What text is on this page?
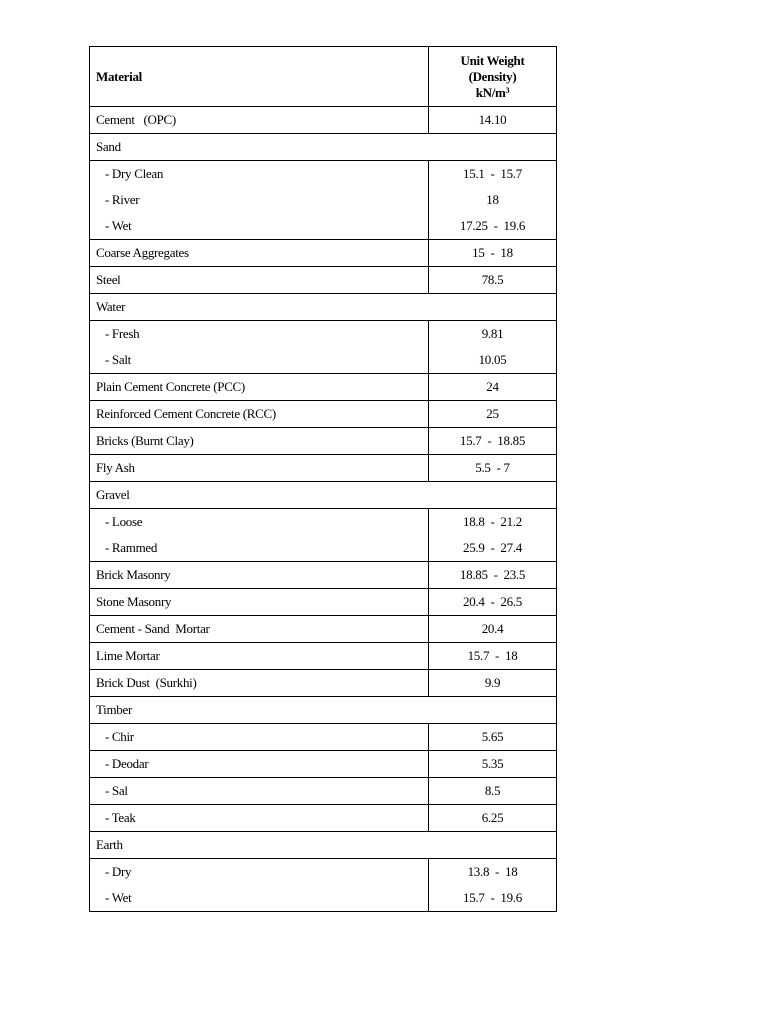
Material	Unit Weight
(Density)
$kN/m^3$
Cement   (OPC)	14.10
Sand	
- Dry Clean	15.1  -  15.7
- River	18
- Wet	17.25  -  19.6
Coarse Aggregates	15  -  18
Steel	78.5
Water	
- Fresh	9.81
- Salt	10.05
Plain Cement Concrete (PCC)	24
Reinforced Cement Concrete (RCC)	25
Bricks (Burnt Clay)	15.7  -  18.85
Fly Ash	5.5  - 7
Gravel	
- Loose	18.8  -  21.2
- Rammed	25.9  -  27.4
Brick Masonry	18.85  -  23.5
Stone Masonry	20.4  -  26.5
Cement - Sand  Mortar	20.4
Lime Mortar	15.7  -  18
Brick Dust  (Surkhi)	9.9
Timber	
- Chir	5.65
- Deodar	5.35
- Sal	8.5
- Teak	6.25
Earth	
- Dry	13.8  -  18
- Wet	15.7  -  19.6
